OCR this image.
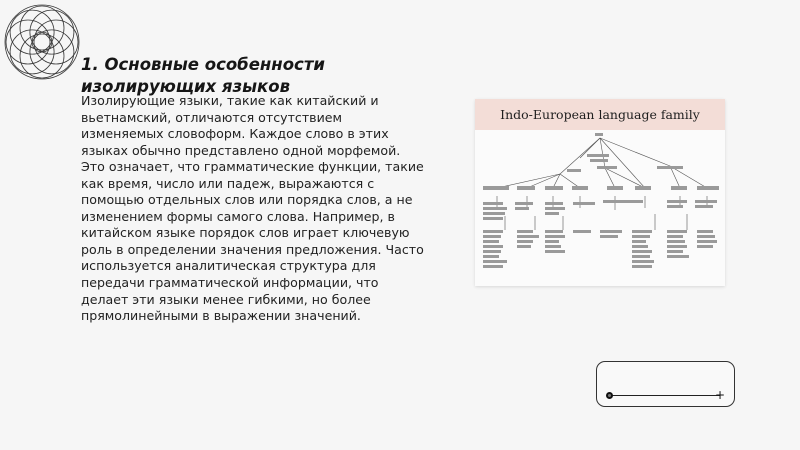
1. Основные особенности изолирующих языков
Изолирующие языки, такие как китайский и вьетнамский, отличаются отсутствием изменяемых словоформ. Каждое слово в этих языках обычно представлено одной морфемой. Это означает, что грамматические функции, такие как время, число или падеж, выражаются с помощью отдельных слов или порядка слов, а не изменением формы самого слова. Например, в китайском языке порядок слов играет ключевую роль в определении значения предложения. Часто используется аналитическая структура для передачи грамматической информации, что делает эти языки менее гибкими, но более прямолинейными в выражении значений.
Indo-European language family
+
